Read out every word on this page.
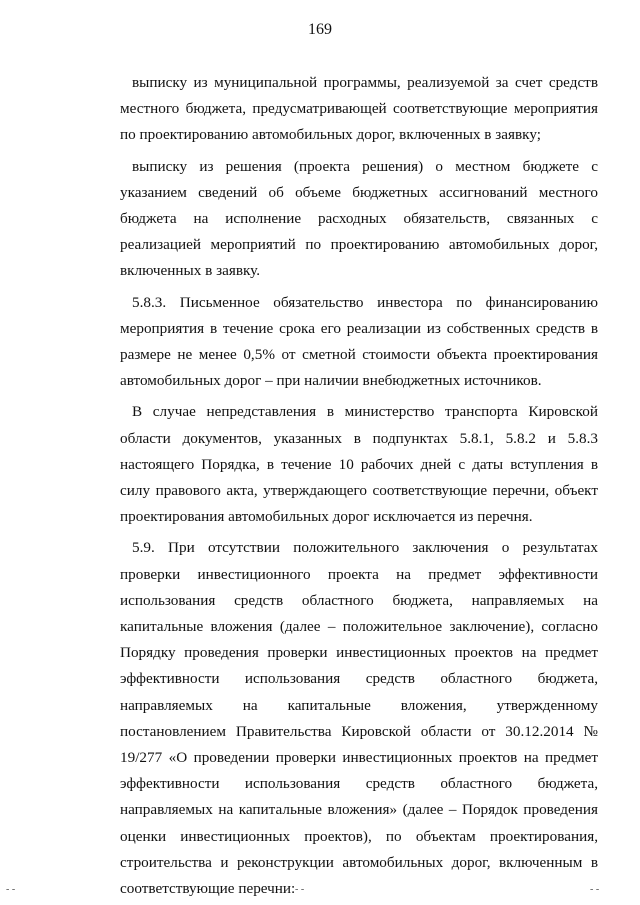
169

выписку из муниципальной программы, реализуемой за счет средств местного бюджета, предусматривающей соответствующие мероприятия по проектированию автомобильных дорог, включенных в заявку;

выписку из решения (проекта решения) о местном бюджете с указанием сведений об объеме бюджетных ассигнований местного бюджета на исполнение расходных обязательств, связанных с реализацией мероприятий по проектированию автомобильных дорог, включенных в заявку.

5.8.3. Письменное обязательство инвестора по финансированию мероприятия в течение срока его реализации из собственных средств в размере не менее 0,5% от сметной стоимости объекта проектирования автомобильных дорог – при наличии внебюджетных источников.

В случае непредставления в министерство транспорта Кировской области документов, указанных в подпунктах 5.8.1, 5.8.2 и 5.8.3 настоящего Порядка, в течение 10 рабочих дней с даты вступления в силу правового акта, утверждающего соответствующие перечни, объект проектирования автомобильных дорог исключается из перечня.

5.9. При отсутствии положительного заключения о результатах проверки инвестиционного проекта на предмет эффективности использования средств областного бюджета, направляемых на капитальные вложения (далее – положительное заключение), согласно Порядку проведения проверки инвестиционных проектов на предмет эффективности использования средств областного бюджета, направляемых на капитальные вложения, утвержденному постановлением Правительства Кировской области от 30.12.2014 № 19/277 «О проведении проверки инвестиционных проектов на предмет эффективности использования средств областного бюджета, направляемых на капитальные вложения» (далее – Порядок проведения оценки инвестиционных проектов), по объектам проектирования, строительства и реконструкции автомобильных дорог, включенным в соответствующие перечни:

‐ ‐	‐ ‐	‐ ‐
